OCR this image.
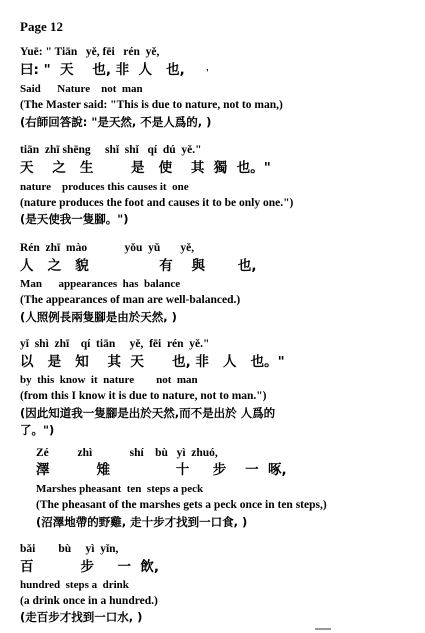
Page 12
Yuē: " Tiān   yě, fēi   rén  yě,
曰: "  天    也, 非  人   也, '
Said      Nature    not  man
(The Master said: "This is due to nature, not to man,)
(右師回答說: "是天然, 不是人爲的, )
tiān  zhī shēng     shǐ  shǐ   qí  dú  yě."
天    之   生        是   使    其  獨  也。"
nature    produces this causes it  one
(nature produces the foot and causes it to be only one.")
(是天使我一隻腳。")
Rén  zhī  mào             yǒu  yǔ       yě,
人   之   貌               有    與       也,
Man      appearances  has  balance
(The appearances of man are well-balanced.)
(人照例長兩隻腳是由於天然, )
yǐ  shì  zhī    qí  tiān     yě,  fēi  rén  yě."
以   是   知    其  天      也, 非   人   也。"
by  this  know  it  nature        not  man
(from this I know it is due to nature, not to man.")
(因此知道我一隻腳是出於天然,而不是出於 人爲的
了。")
Zé          zhì             shí    bù   yì  zhuó,
澤          雉              十     步    一  啄,
Marshes pheasant  ten  steps a peck
(The pheasant of the marshes gets a peck once in ten steps,)
(沼澤地帶的野雞, 走十步才找到一口食, )
bǎi        bù     yì  yǐn,
百          步     一  飲,
hundred  steps a  drink
(a drink once in a hundred.)
(走百步才找到一口水, )
